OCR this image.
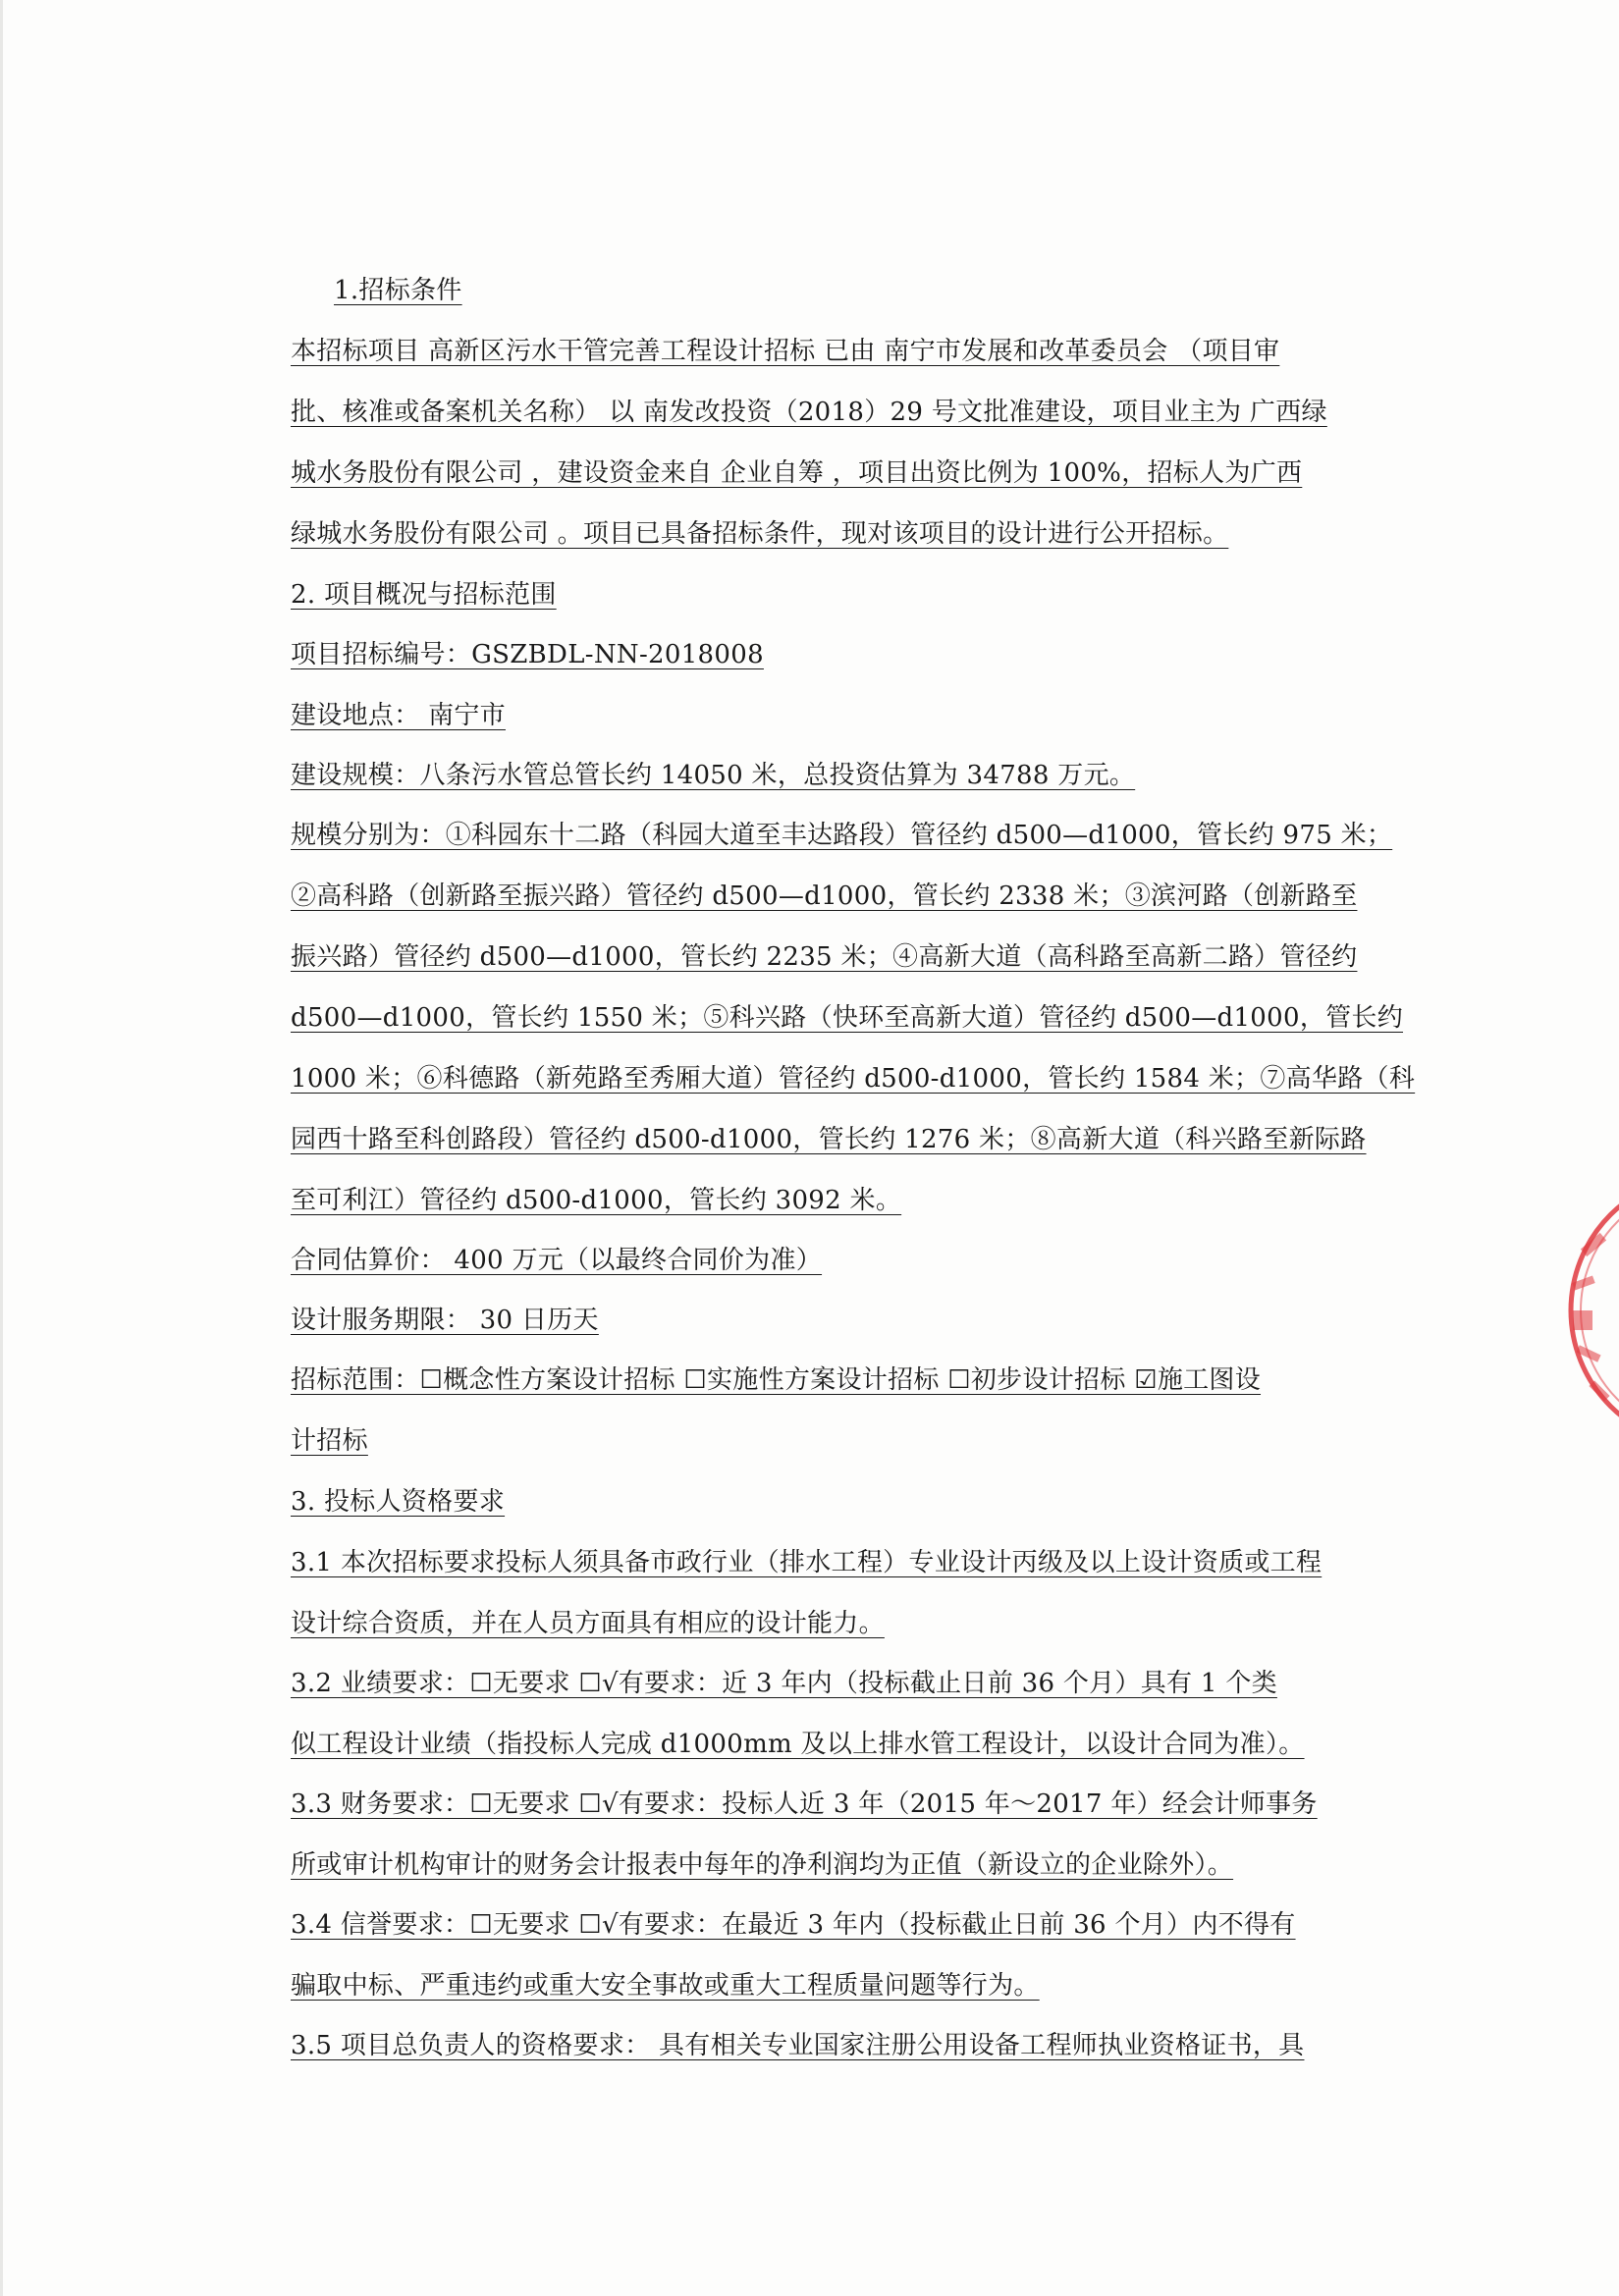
1.招标条件
本招标项目 高新区污水干管完善工程设计招标 已由 南宁市发展和改革委员会 （项目审
批、核准或备案机关名称） 以 南发改投资（2018）29 号文批准建设，项目业主为 广西绿
城水务股份有限公司 ，建设资金来自 企业自筹 ，项目出资比例为 100%，招标人为广西
绿城水务股份有限公司 。项目已具备招标条件，现对该项目的设计进行公开招标。
2. 项目概况与招标范围
项目招标编号：GSZBDL-NN-2018008
建设地点： 南宁市
建设规模：八条污水管总管长约 14050 米，总投资估算为 34788 万元。
规模分别为：①科园东十二路（科园大道至丰达路段）管径约 d500—d1000，管长约 975 米；
②高科路（创新路至振兴路）管径约 d500—d1000，管长约 2338 米；③滨河路（创新路至
振兴路）管径约 d500—d1000，管长约 2235 米；④高新大道（高科路至高新二路）管径约
d500—d1000，管长约 1550 米；⑤科兴路（快环至高新大道）管径约 d500—d1000，管长约
1000 米；⑥科德路（新苑路至秀厢大道）管径约 d500-d1000，管长约 1584 米；⑦高华路（科
园西十路至科创路段）管径约 d500-d1000，管长约 1276 米；⑧高新大道（科兴路至新际路
至可利江）管径约 d500-d1000，管长约 3092 米。
合同估算价： 400 万元（以最终合同价为准）
设计服务期限： 30 日历天
招标范围：☐概念性方案设计招标 ☐实施性方案设计招标 ☐初步设计招标 ☑施工图设
计招标
3. 投标人资格要求
3.1 本次招标要求投标人须具备市政行业（排水工程）专业设计丙级及以上设计资质或工程
设计综合资质，并在人员方面具有相应的设计能力。
3.2 业绩要求：☐无要求 ☐√有要求：近 3 年内（投标截止日前 36 个月）具有 1 个类
似工程设计业绩（指投标人完成 d1000mm 及以上排水管工程设计，以设计合同为准）。
3.3 财务要求：☐无要求 ☐√有要求：投标人近 3 年（2015 年～2017 年）经会计师事务
所或审计机构审计的财务会计报表中每年的净利润均为正值（新设立的企业除外）。
3.4 信誉要求：☐无要求 ☐√有要求：在最近 3 年内（投标截止日前 36 个月）内不得有
骗取中标、严重违约或重大安全事故或重大工程质量问题等行为。
3.5 项目总负责人的资格要求： 具有相关专业国家注册公用设备工程师执业资格证书，具
